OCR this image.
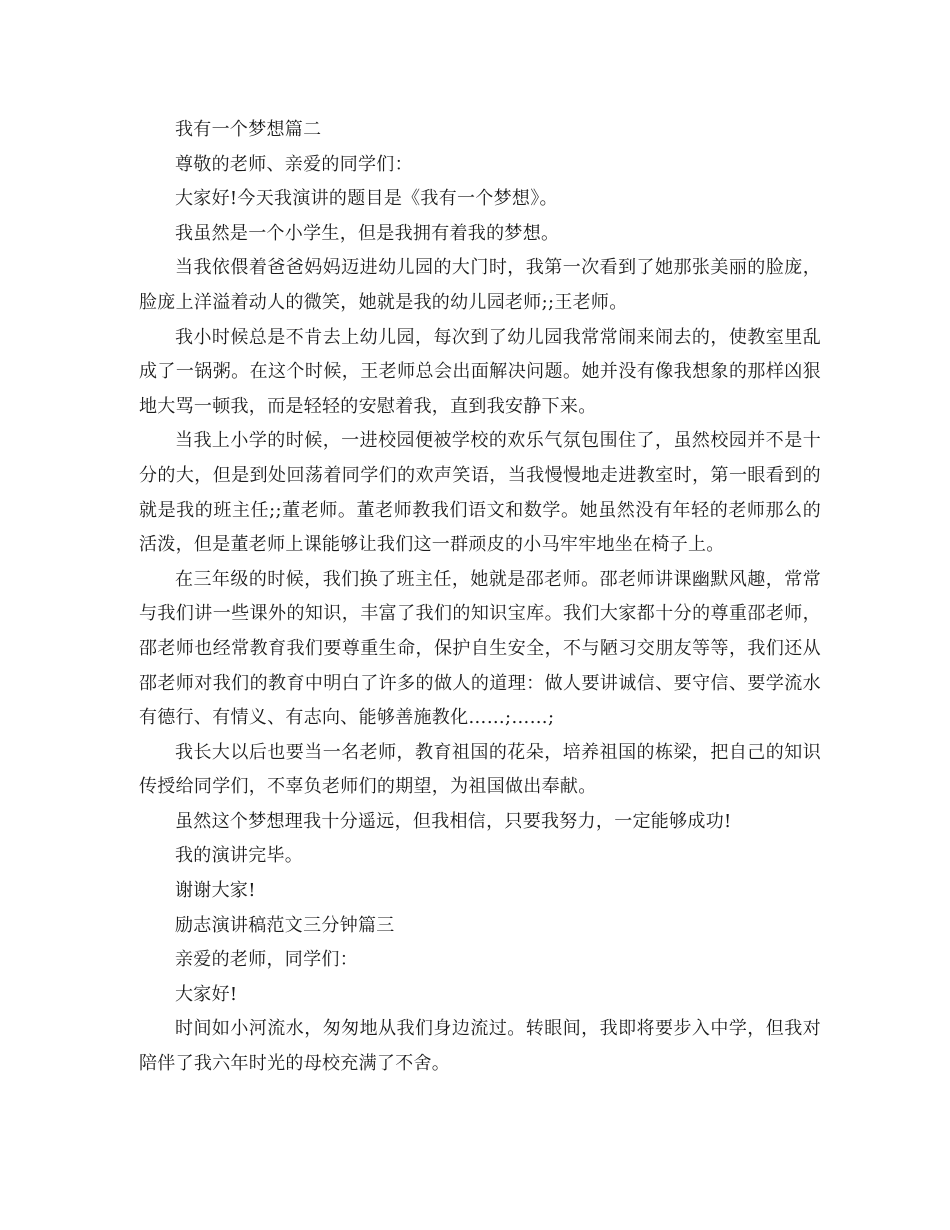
我有一个梦想篇二

尊敬的老师、亲爱的同学们：

大家好!今天我演讲的题目是《我有一个梦想》。

我虽然是一个小学生，但是我拥有着我的梦想。

当我依偎着爸爸妈妈迈进幼儿园的大门时，我第一次看到了她那张美丽的脸庞，脸庞上洋溢着动人的微笑，她就是我的幼儿园老师;;王老师。

我小时候总是不肯去上幼儿园，每次到了幼儿园我常常闹来闹去的，使教室里乱成了一锅粥。在这个时候，王老师总会出面解决问题。她并没有像我想象的那样凶狠地大骂一顿我，而是轻轻的安慰着我，直到我安静下来。

当我上小学的时候，一进校园便被学校的欢乐气氛包围住了，虽然校园并不是十分的大，但是到处回荡着同学们的欢声笑语，当我慢慢地走进教室时，第一眼看到的就是我的班主任;;董老师。董老师教我们语文和数学。她虽然没有年轻的老师那么的活泼，但是董老师上课能够让我们这一群顽皮的小马牢牢地坐在椅子上。

在三年级的时候，我们换了班主任，她就是邵老师。邵老师讲课幽默风趣，常常与我们讲一些课外的知识，丰富了我们的知识宝库。我们大家都十分的尊重邵老师，邵老师也经常教育我们要尊重生命，保护自生安全，不与陋习交朋友等等，我们还从邵老师对我们的教育中明白了许多的做人的道理：做人要讲诚信、要守信、要学流水有德行、有情义、有志向、能够善施教化……;……;

我长大以后也要当一名老师，教育祖国的花朵，培养祖国的栋梁，把自己的知识传授给同学们，不辜负老师们的期望，为祖国做出奉献。

虽然这个梦想理我十分遥远，但我相信，只要我努力，一定能够成功!

我的演讲完毕。

谢谢大家!

励志演讲稿范文三分钟篇三

亲爱的老师，同学们：

大家好!

时间如小河流水，匆匆地从我们身边流过。转眼间，我即将要步入中学，但我对陪伴了我六年时光的母校充满了不舍。
